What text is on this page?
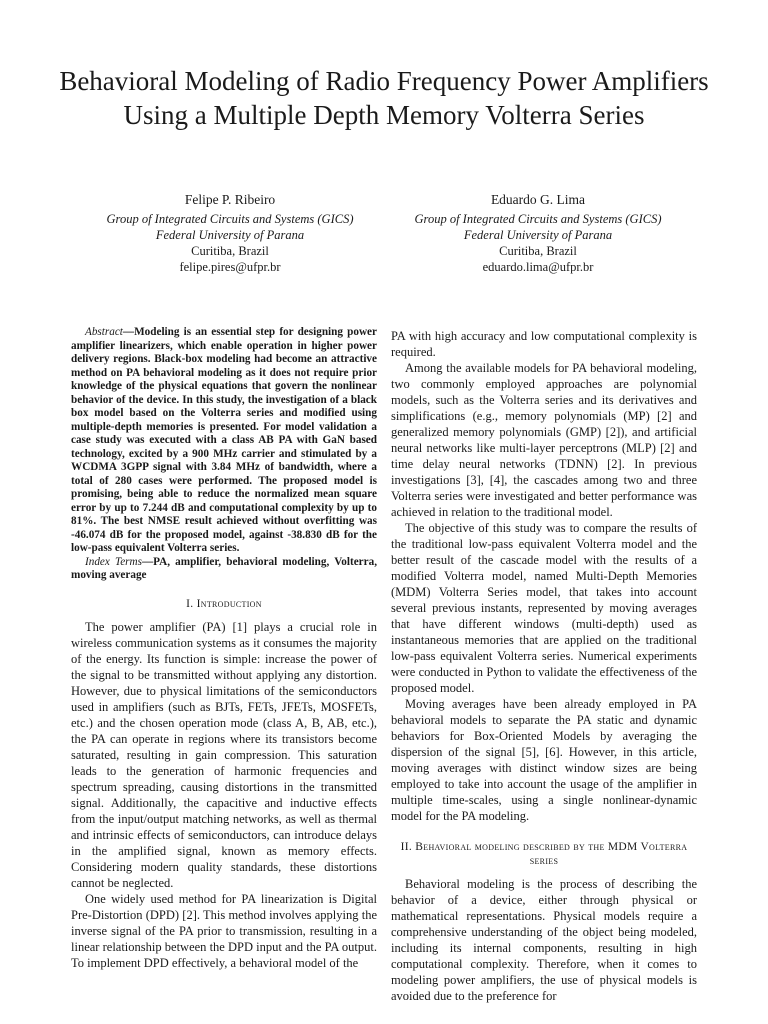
Behavioral Modeling of Radio Frequency Power Amplifiers Using a Multiple Depth Memory Volterra Series
Felipe P. Ribeiro
Group of Integrated Circuits and Systems (GICS)
Federal University of Parana
Curitiba, Brazil
felipe.pires@ufpr.br
Eduardo G. Lima
Group of Integrated Circuits and Systems (GICS)
Federal University of Parana
Curitiba, Brazil
eduardo.lima@ufpr.br

Abstract—Modeling is an essential step for designing power amplifier linearizers, which enable operation in higher power delivery regions. Black-box modeling had become an attractive method on PA behavioral modeling as it does not require prior knowledge of the physical equations that govern the nonlinear behavior of the device. In this study, the investigation of a black box model based on the Volterra series and modified using multiple-depth memories is presented. For model validation a case study was executed with a class AB PA with GaN based technology, excited by a 900 MHz carrier and stimulated by a WCDMA 3GPP signal with 3.84 MHz of bandwidth, where a total of 280 cases were performed. The proposed model is promising, being able to reduce the normalized mean square error by up to 7.244 dB and computational complexity by up to 81%. The best NMSE result achieved without overfitting was -46.074 dB for the proposed model, against -38.830 dB for the low-pass equivalent Volterra series.

Index Terms—PA, amplifier, behavioral modeling, Volterra, moving average

I. Introduction

The power amplifier (PA) [1] plays a crucial role in wireless communication systems as it consumes the majority of the energy. Its function is simple: increase the power of the signal to be transmitted without applying any distortion. However, due to physical limitations of the semiconductors used in amplifiers (such as BJTs, FETs, JFETs, MOSFETs, etc.) and the chosen operation mode (class A, B, AB, etc.), the PA can operate in regions where its transistors become saturated, resulting in gain compression. This saturation leads to the generation of harmonic frequencies and spectrum spreading, causing distortions in the transmitted signal. Additionally, the capacitive and inductive effects from the input/output matching networks, as well as thermal and intrinsic effects of semiconductors, can introduce delays in the amplified signal, known as memory effects. Considering modern quality standards, these distortions cannot be neglected.

One widely used method for PA linearization is Digital Pre-Distortion (DPD) [2]. This method involves applying the inverse signal of the PA prior to transmission, resulting in a linear relationship between the DPD input and the PA output. To implement DPD effectively, a behavioral model of the

PA with high accuracy and low computational complexity is required.

Among the available models for PA behavioral modeling, two commonly employed approaches are polynomial models, such as the Volterra series and its derivatives and simplifications (e.g., memory polynomials (MP) [2] and generalized memory polynomials (GMP) [2]), and artificial neural networks like multi-layer perceptrons (MLP) [2] and time delay neural networks (TDNN) [2]. In previous investigations [3], [4], the cascades among two and three Volterra series were investigated and better performance was achieved in relation to the traditional model.

The objective of this study was to compare the results of the traditional low-pass equivalent Volterra model and the better result of the cascade model with the results of a modified Volterra model, named Multi-Depth Memories (MDM) Volterra Series model, that takes into account several previous instants, represented by moving averages that have different windows (multi-depth) used as instantaneous memories that are applied on the traditional low-pass equivalent Volterra series. Numerical experiments were conducted in Python to validate the effectiveness of the proposed model.

Moving averages have been already employed in PA behavioral models to separate the PA static and dynamic behaviors for Box-Oriented Models by averaging the dispersion of the signal [5], [6]. However, in this article, moving averages with distinct window sizes are being employed to take into account the usage of the amplifier in multiple time-scales, using a single nonlinear-dynamic model for the PA modeling.

II. Behavioral modeling described by the MDM Volterra series

Behavioral modeling is the process of describing the behavior of a device, either through physical or mathematical representations. Physical models require a comprehensive understanding of the object being modeled, including its internal components, resulting in high computational complexity. Therefore, when it comes to modeling power amplifiers, the use of physical models is avoided due to the preference for
